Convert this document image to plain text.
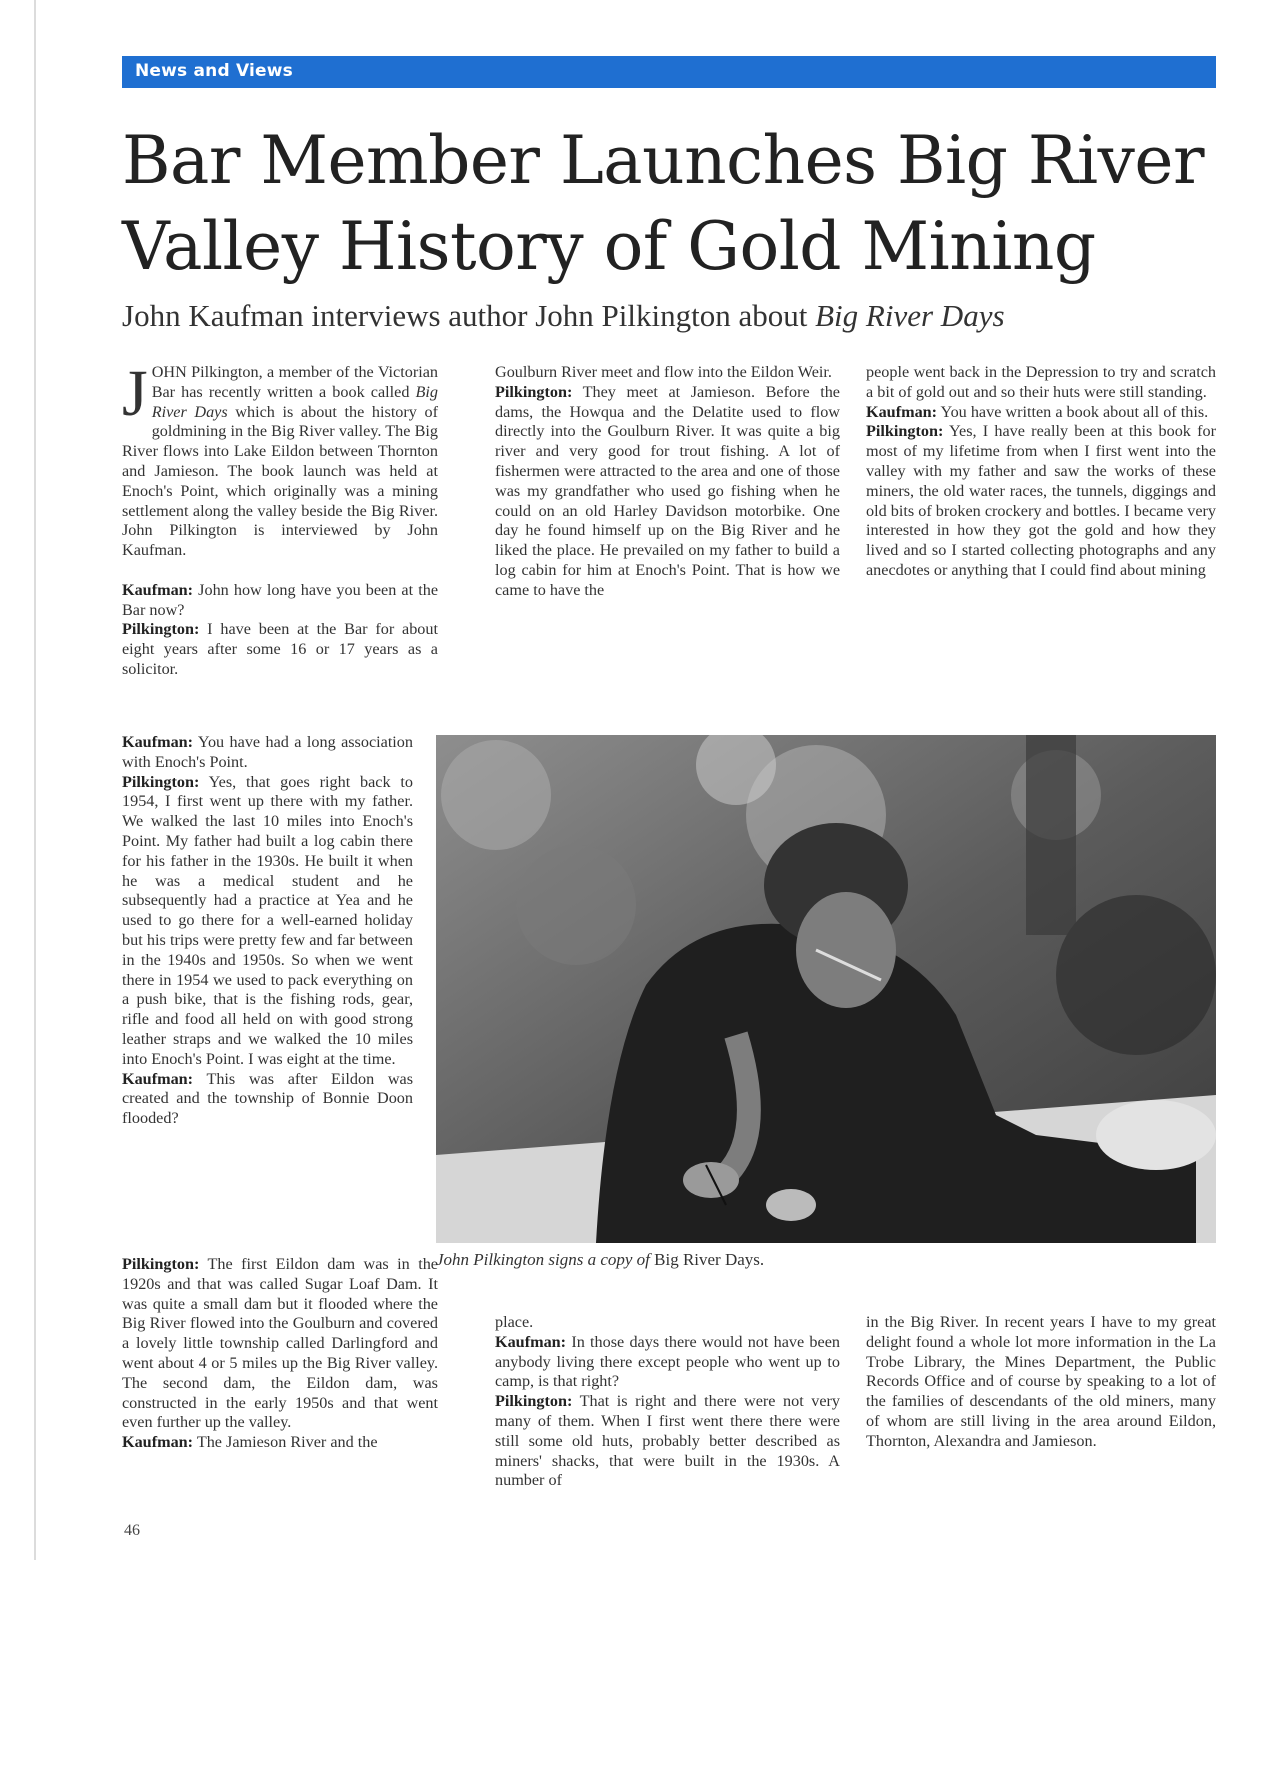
News and Views
Bar Member Launches Big River Valley History of Gold Mining

John Kaufman interviews author John Pilkington about Big River Days

JOHN Pilkington, a member of the Victorian Bar has recently written a book called Big River Days which is about the history of goldmining in the Big River valley. The Big River flows into Lake Eildon between Thornton and Jamieson. The book launch was held at Enoch's Point, which originally was a mining settlement along the valley beside the Big River. John Pilkington is interviewed by John Kaufman.

Kaufman: John how long have you been at the Bar now?

Pilkington: I have been at the Bar for about eight years after some 16 or 17 years as a solicitor.

Kaufman: You have had a long association with Enoch's Point.

Pilkington: Yes, that goes right back to 1954, I first went up there with my father. We walked the last 10 miles into Enoch's Point. My father had built a log cabin there for his father in the 1930s. He built it when he was a medical student and he subsequently had a practice at Yea and he used to go there for a well-earned holiday but his trips were pretty few and far between in the 1940s and 1950s. So when we went there in 1954 we used to pack everything on a push bike, that is the fishing rods, gear, rifle and food all held on with good strong leather straps and we walked the 10 miles into Enoch's Point. I was eight at the time.

Kaufman: This was after Eildon was created and the township of Bonnie Doon flooded?

Pilkington: The first Eildon dam was in the 1920s and that was called Sugar Loaf Dam. It was quite a small dam but it flooded where the Big River flowed into the Goulburn and covered a lovely little township called Darlingford and went about 4 or 5 miles up the Big River valley. The second dam, the Eildon dam, was constructed in the early 1950s and that went even further up the valley.

Kaufman: The Jamieson River and the

Goulburn River meet and flow into the Eildon Weir.

Pilkington: They meet at Jamieson. Before the dams, the Howqua and the Delatite used to flow directly into the Goulburn River. It was quite a big river and very good for trout fishing. A lot of fishermen were attracted to the area and one of those was my grandfather who used go fishing when he could on an old Harley Davidson motorbike. One day he found himself up on the Big River and he liked the place. He prevailed on my father to build a log cabin for him at Enoch's Point. That is how we came to have the

people went back in the Depression to try and scratch a bit of gold out and so their huts were still standing.

Kaufman: You have written a book about all of this.

Pilkington: Yes, I have really been at this book for most of my lifetime from when I first went into the valley with my father and saw the works of these miners, the old water races, the tunnels, diggings and old bits of broken crockery and bottles. I became very interested in how they got the gold and how they lived and so I started collecting photographs and any anecdotes or anything that I could find about mining

John Pilkington signs a copy of Big River Days.

place.

Kaufman: In those days there would not have been anybody living there except people who went up to camp, is that right?

Pilkington: That is right and there were not very many of them. When I first went there there were still some old huts, probably better described as miners' shacks, that were built in the 1930s. A number of

in the Big River. In recent years I have to my great delight found a whole lot more information in the La Trobe Library, the Mines Department, the Public Records Office and of course by speaking to a lot of the families of descendants of the old miners, many of whom are still living in the area around Eildon, Thornton, Alexandra and Jamieson.

46
